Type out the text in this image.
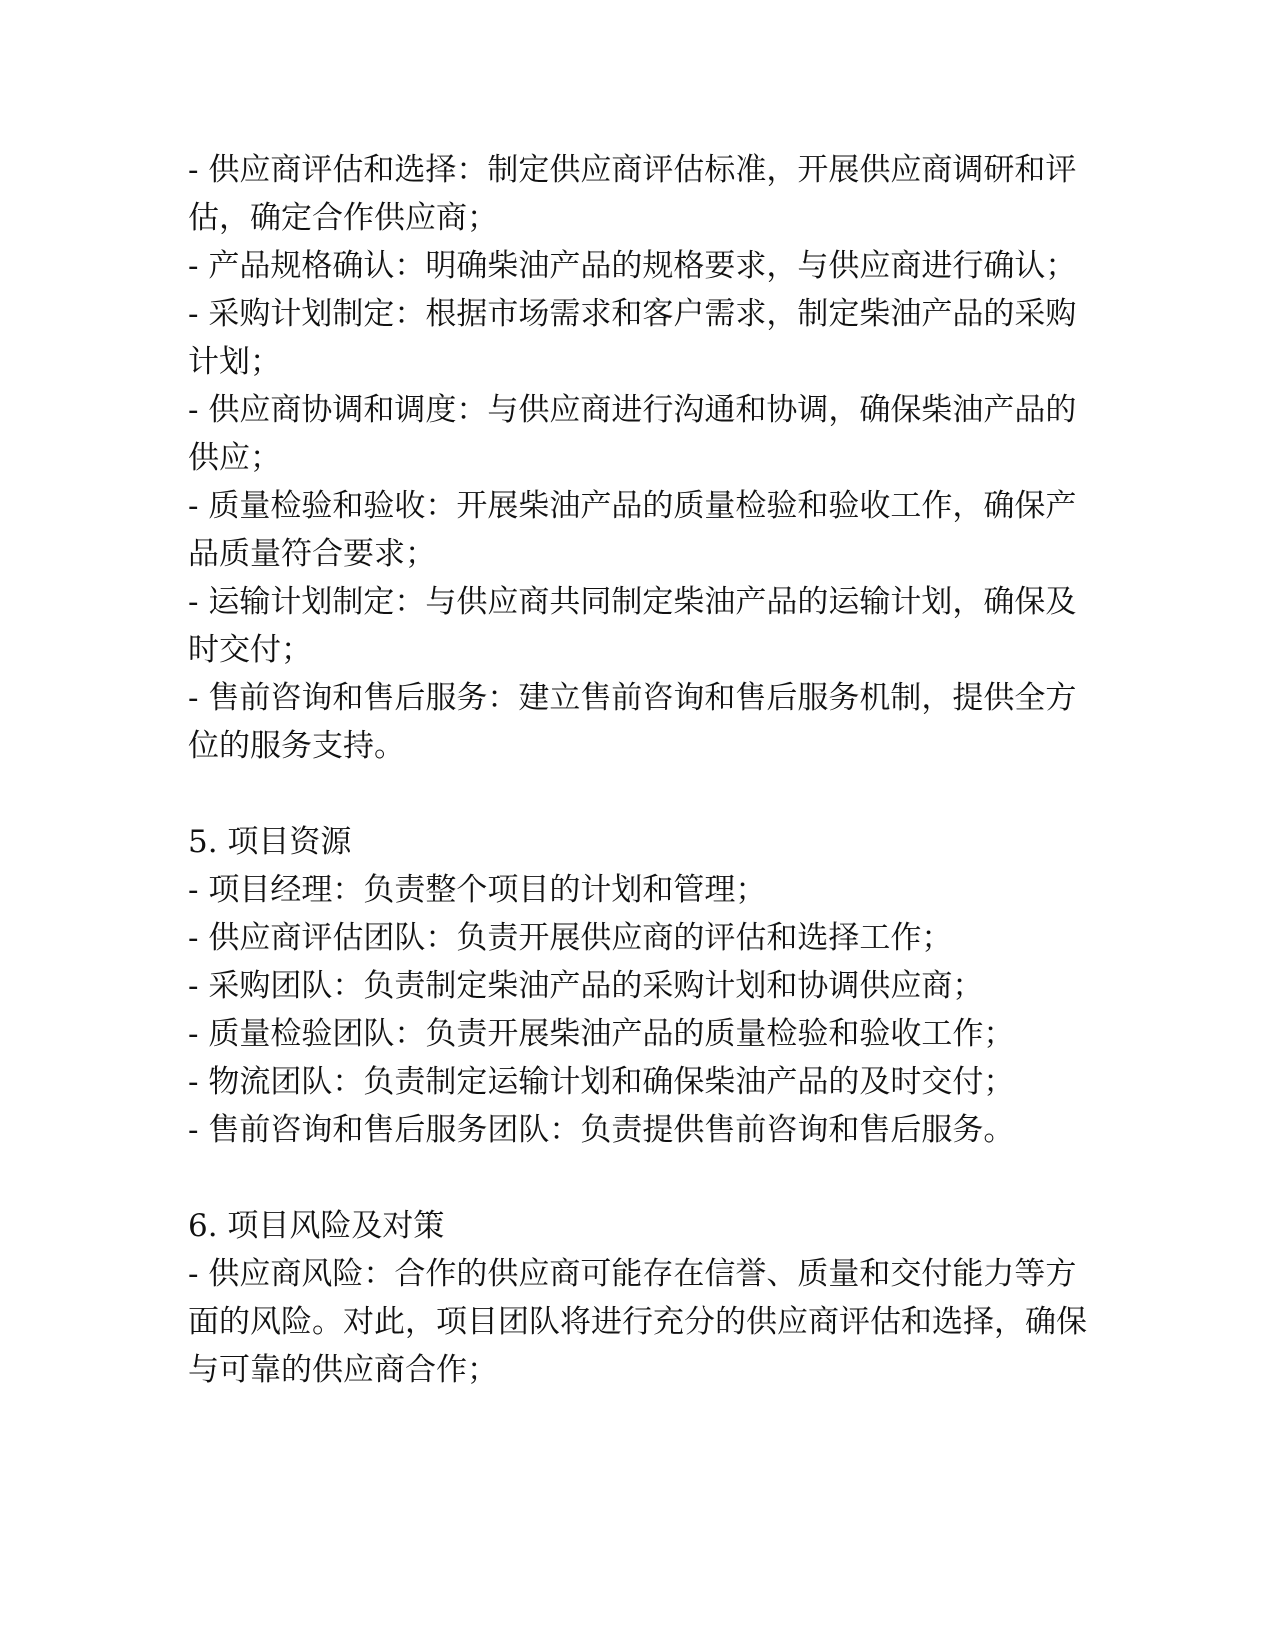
- 供应商评估和选择：制定供应商评估标准，开展供应商调研和评估，确定合作供应商；

- 产品规格确认：明确柴油产品的规格要求，与供应商进行确认；

- 采购计划制定：根据市场需求和客户需求，制定柴油产品的采购计划；

- 供应商协调和调度：与供应商进行沟通和协调，确保柴油产品的供应；

- 质量检验和验收：开展柴油产品的质量检验和验收工作，确保产品质量符合要求；

- 运输计划制定：与供应商共同制定柴油产品的运输计划，确保及时交付；

- 售前咨询和售后服务：建立售前咨询和售后服务机制，提供全方位的服务支持。

5. 项目资源

- 项目经理：负责整个项目的计划和管理；

- 供应商评估团队：负责开展供应商的评估和选择工作；

- 采购团队：负责制定柴油产品的采购计划和协调供应商；

- 质量检验团队：负责开展柴油产品的质量检验和验收工作；

- 物流团队：负责制定运输计划和确保柴油产品的及时交付；

- 售前咨询和售后服务团队：负责提供售前咨询和售后服务。

6. 项目风险及对策

- 供应商风险：合作的供应商可能存在信誉、质量和交付能力等方面的风险。对此，项目团队将进行充分的供应商评估和选择，确保与可靠的供应商合作；
